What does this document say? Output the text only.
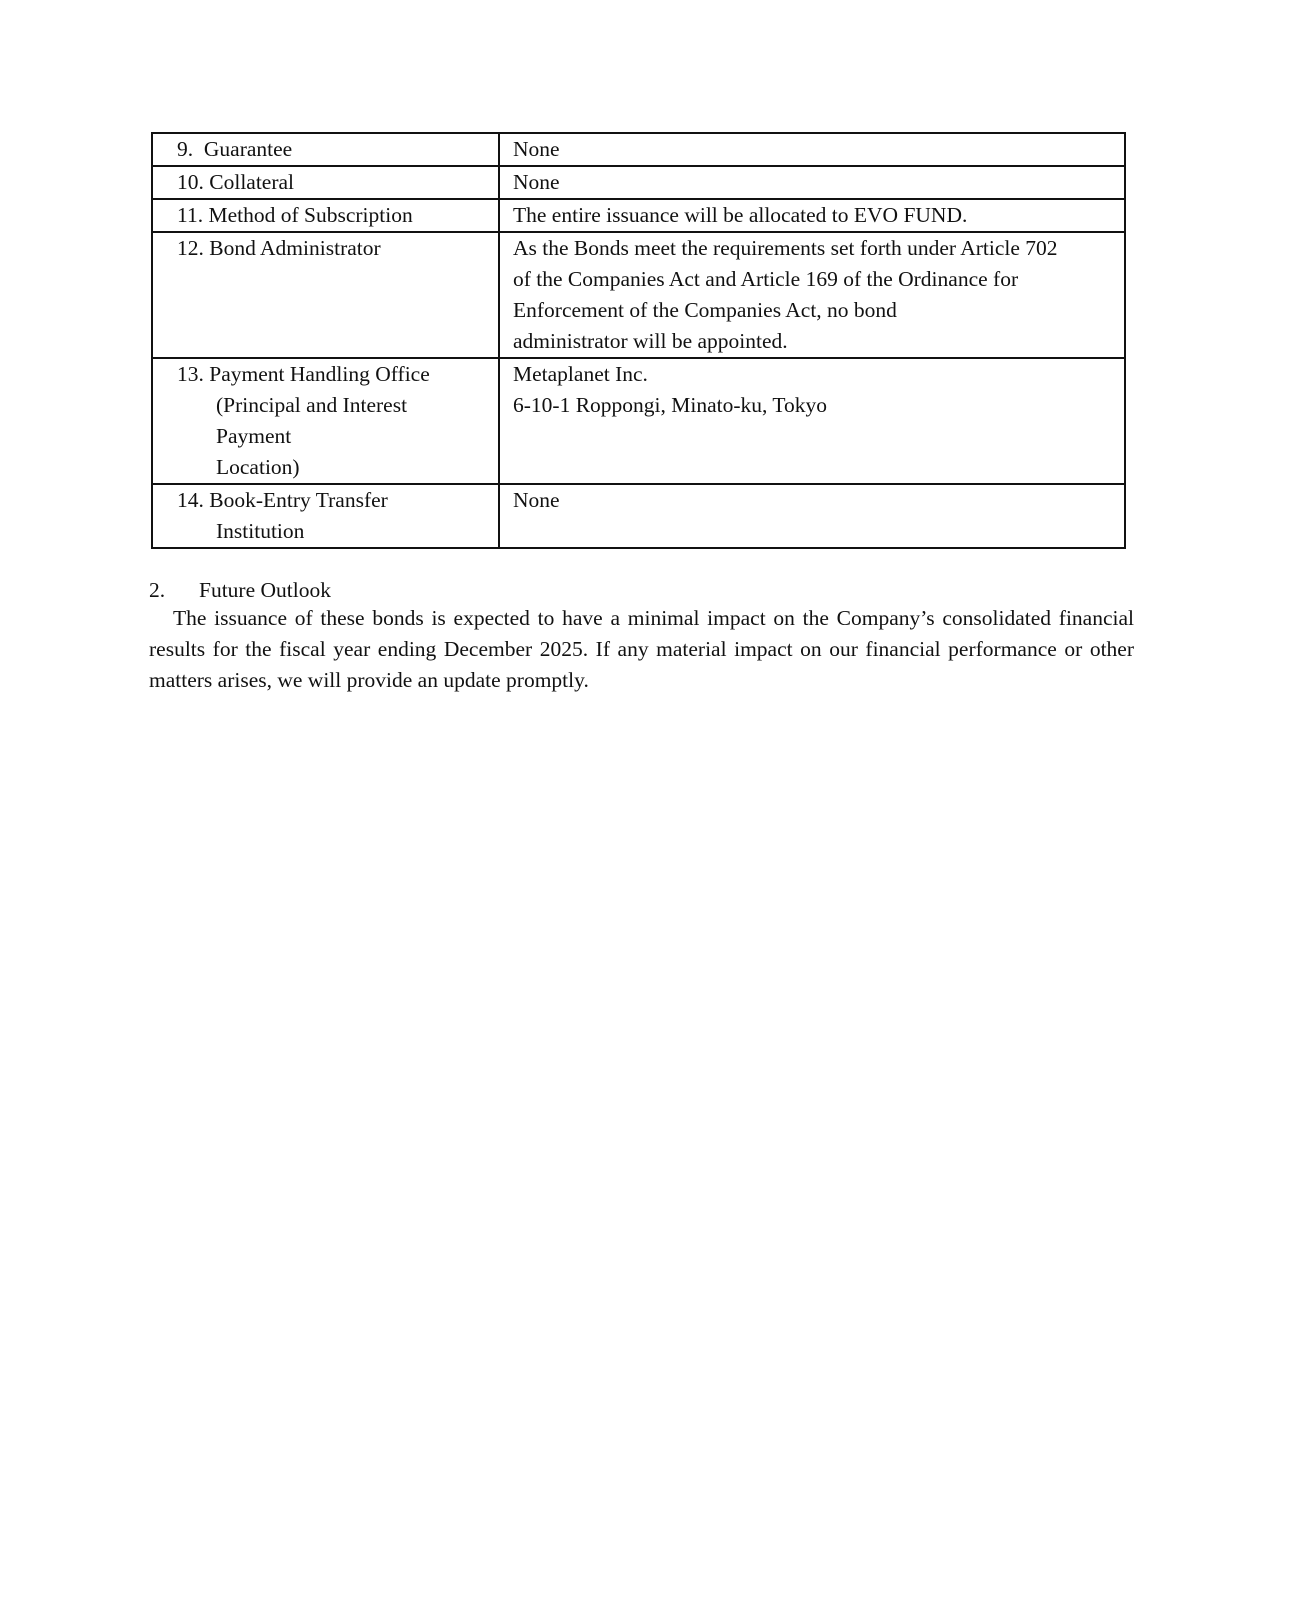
9. Guarantee	None

10. Collateral	None

11. Method of Subscription	The entire issuance will be allocated to EVO FUND.

12. Bond Administrator	As the Bonds meet the requirements set forth under Article 702
of the Companies Act and Article 169 of the Ordinance for
Enforcement of the Companies Act, no bond
administrator will be appointed.

13. Payment Handling Office
(Principal and Interest
Payment
Location)	Metaplanet Inc.
6-10-1 Roppongi, Minato-ku, Tokyo

14. Book-Entry Transfer
Institution	None
2.	Future Outlook
The issuance of these bonds is expected to have a minimal impact on the Company’s consolidated financial results for the fiscal year ending December 2025. If any material impact on our financial performance or other matters arises, we will provide an update promptly.
